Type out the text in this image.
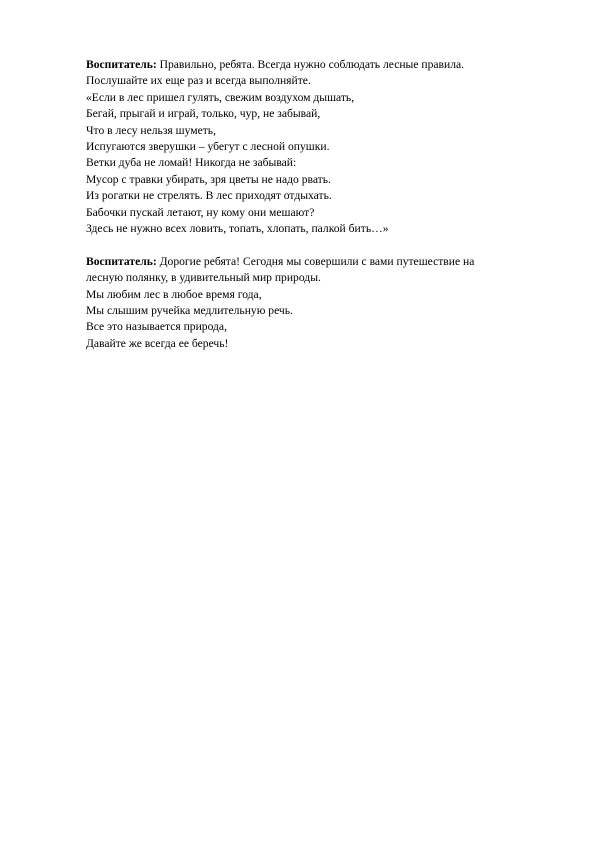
Воспитатель: Правильно, ребята. Всегда нужно соблюдать лесные правила.
Послушайте их еще раз и всегда выполняйте.
«Если в лес пришел гулять, свежим воздухом дышать,
Бегай, прыгай и играй, только, чур, не забывай,
Что в лесу нельзя шуметь,
Испугаются зверушки – убегут с лесной опушки.
Ветки дуба не ломай! Никогда не забывай:
Мусор с травки убирать, зря цветы не надо рвать.
Из рогатки не стрелять. В лес приходят отдыхать.
Бабочки пускай летают, ну кому они мешают?
Здесь не нужно всех ловить, топать, хлопать, палкой бить…»

Воспитатель: Дорогие ребята! Сегодня мы совершили с вами путешествие на
лесную полянку, в удивительный мир природы.
Мы любим лес в любое время года,
Мы слышим ручейка медлительную речь.
Все это называется природа,
Давайте же всегда ее беречь!
